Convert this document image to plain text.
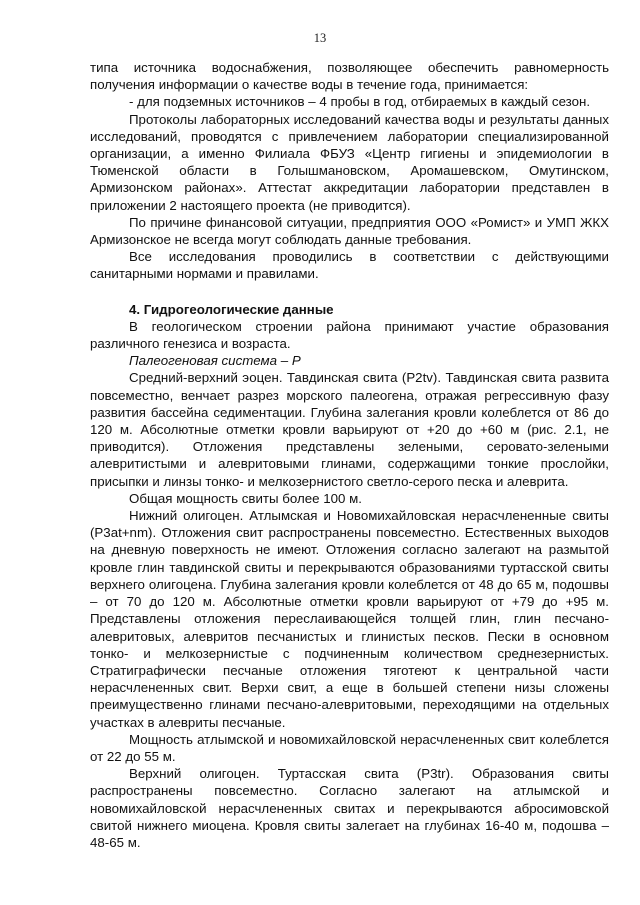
13

типа источника водоснабжения, позволяющее обеспечить равномерность получения информации о качестве воды в течение года, принимается:

- для подземных источников – 4 пробы в год, отбираемых в каждый сезон.

Протоколы лабораторных исследований качества воды и результаты данных исследований, проводятся с привлечением лаборатории специализированной организации, а именно Филиала ФБУЗ «Центр гигиены и эпидемиологии в Тюменской области в Голышмановском, Аромашевском, Омутинском, Армизонском районах». Аттестат аккредитации лаборатории представлен в приложении 2 настоящего проекта (не приводится).

По причине финансовой ситуации, предприятия ООО «Ромист» и УМП ЖКХ Армизонское не всегда могут соблюдать данные требования.

Все исследования проводились в соответствии с действующими санитарными нормами и правилами.

4. Гидрогеологические данные

В геологическом строении района принимают участие образования различного генезиса и возраста.

Палеогеновая система – P

Средний-верхний эоцен. Тавдинская свита (P2tv). Тавдинская свита развита повсеместно, венчает разрез морского палеогена, отражая регрессивную фазу развития бассейна седиментации. Глубина залегания кровли колеблется от 86 до 120 м. Абсолютные отметки кровли варьируют от +20 до +60 м (рис. 2.1, не приводится). Отложения представлены зелеными, серовато-зелеными алевритистыми и алевритовыми глинами, содержащими тонкие прослойки, присыпки и линзы тонко- и мелкозернистого светло-серого песка и алеврита.

Общая мощность свиты более 100 м.

Нижний олигоцен. Атлымская и Новомихайловская нерасчлененные свиты (P3at+nm). Отложения свит распространены повсеместно. Естественных выходов на дневную поверхность не имеют. Отложения согласно залегают на размытой кровле глин тавдинской свиты и перекрываются образованиями туртасской свиты верхнего олигоцена. Глубина залегания кровли колеблется от 48 до 65 м, подошвы – от 70 до 120 м. Абсолютные отметки кровли варьируют от +79 до +95 м. Представлены отложения переслаивающейся толщей глин, глин песчано-алевритовых, алевритов песчанистых и глинистых песков. Пески в основном тонко- и мелкозернистые с подчиненным количеством среднезернистых. Стратиграфически песчаные отложения тяготеют к центральной части нерасчлененных свит. Верхи свит, а еще в большей степени низы сложены преимущественно глинами песчано-алевритовыми, переходящими на отдельных участках в алевриты песчаные.

Мощность атлымской и новомихайловской нерасчлененных свит колеблется от 22 до 55 м.

Верхний олигоцен. Туртасская свита (P3tr). Образования свиты распространены повсеместно. Согласно залегают на атлымской и новомихайловской нерасчлененных свитах и перекрываются абросимовской свитой нижнего миоцена. Кровля свиты залегает на глубинах 16-40 м, подошва – 48-65 м.
